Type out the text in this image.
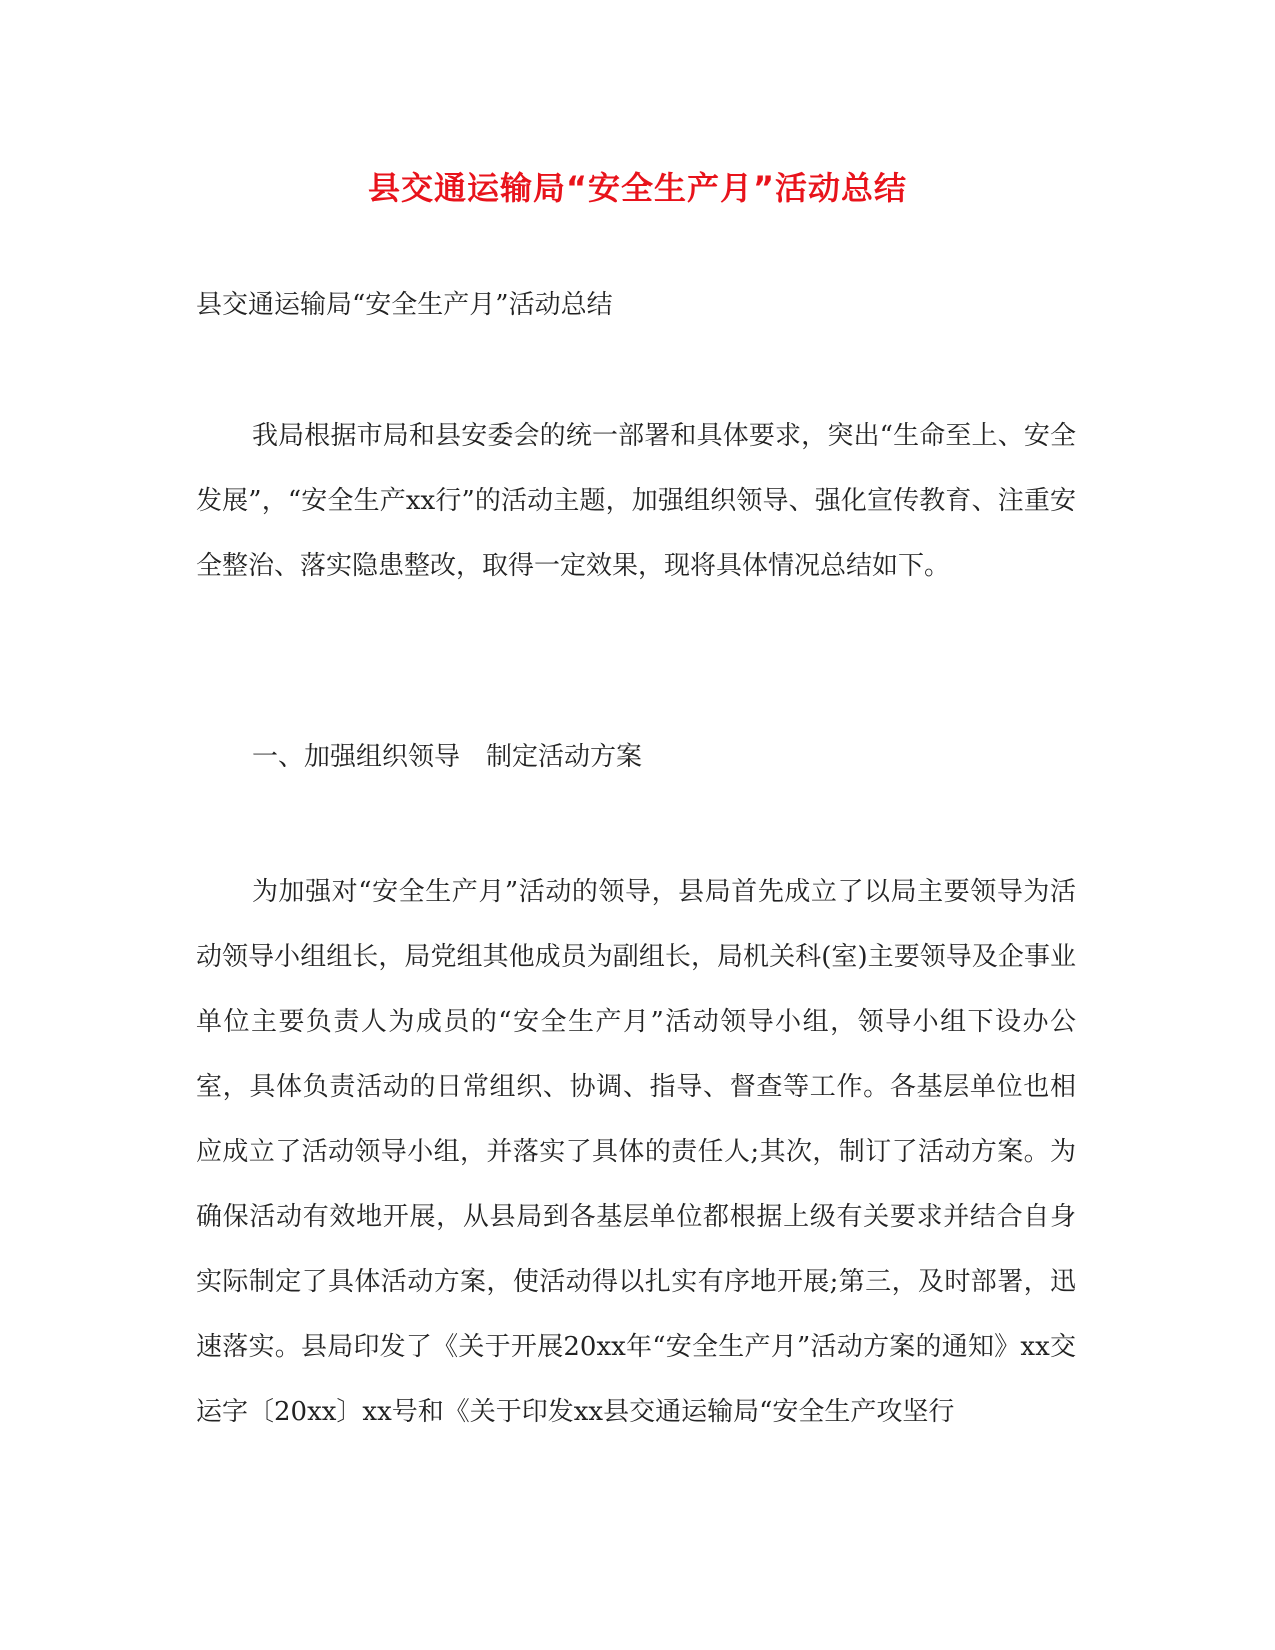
县交通运输局“安全生产月”活动总结
县交通运输局“安全生产月”活动总结

我局根据市局和县安委会的统一部署和具体要求，突出“生命至上、安全发展”，“安全生产xx行”的活动主题，加强组织领导、强化宣传教育、注重安全整治、落实隐患整改，取得一定效果，现将具体情况总结如下。

一、加强组织领导　制定活动方案

为加强对“安全生产月”活动的领导，县局首先成立了以局主要领导为活动领导小组组长，局党组其他成员为副组长，局机关科(室)主要领导及企事业单位主要负责人为成员的“安全生产月”活动领导小组，领导小组下设办公室，具体负责活动的日常组织、协调、指导、督查等工作。各基层单位也相应成立了活动领导小组，并落实了具体的责任人;其次，制订了活动方案。为确保活动有效地开展，从县局到各基层单位都根据上级有关要求并结合自身实际制定了具体活动方案，使活动得以扎实有序地开展;第三，及时部署，迅速落实。县局印发了《关于开展20xx年“安全生产月”活动方案的通知》xx交运字〔20xx〕xx号和《关于印发xx县交通运输局“安全生产攻坚行
